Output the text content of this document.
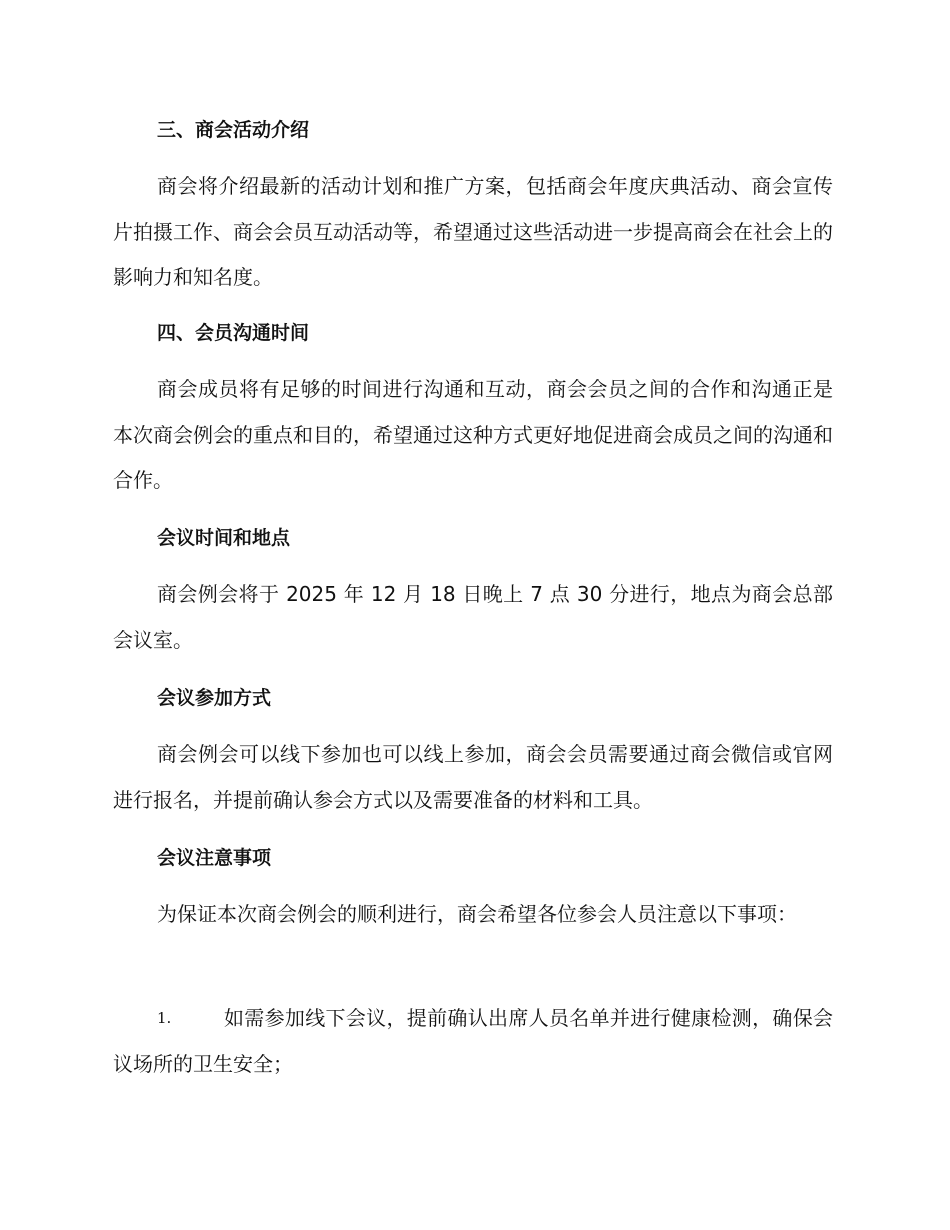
三、商会活动介绍
商会将介绍最新的活动计划和推广方案，包括商会年度庆典活动、商会宣传片拍摄工作、商会会员互动活动等，希望通过这些活动进一步提高商会在社会上的影响力和知名度。
四、会员沟通时间
商会成员将有足够的时间进行沟通和互动，商会会员之间的合作和沟通正是本次商会例会的重点和目的，希望通过这种方式更好地促进商会成员之间的沟通和合作。
会议时间和地点
商会例会将于 2025 年 12 月 18 日晚上 7 点 30 分进行，地点为商会总部会议室。
会议参加方式
商会例会可以线下参加也可以线上参加，商会会员需要通过商会微信或官网进行报名，并提前确认参会方式以及需要准备的材料和工具。
会议注意事项
为保证本次商会例会的顺利进行，商会希望各位参会人员注意以下事项：
1.	如需参加线下会议，提前确认出席人员名单并进行健康检测，确保会议场所的卫生安全；
